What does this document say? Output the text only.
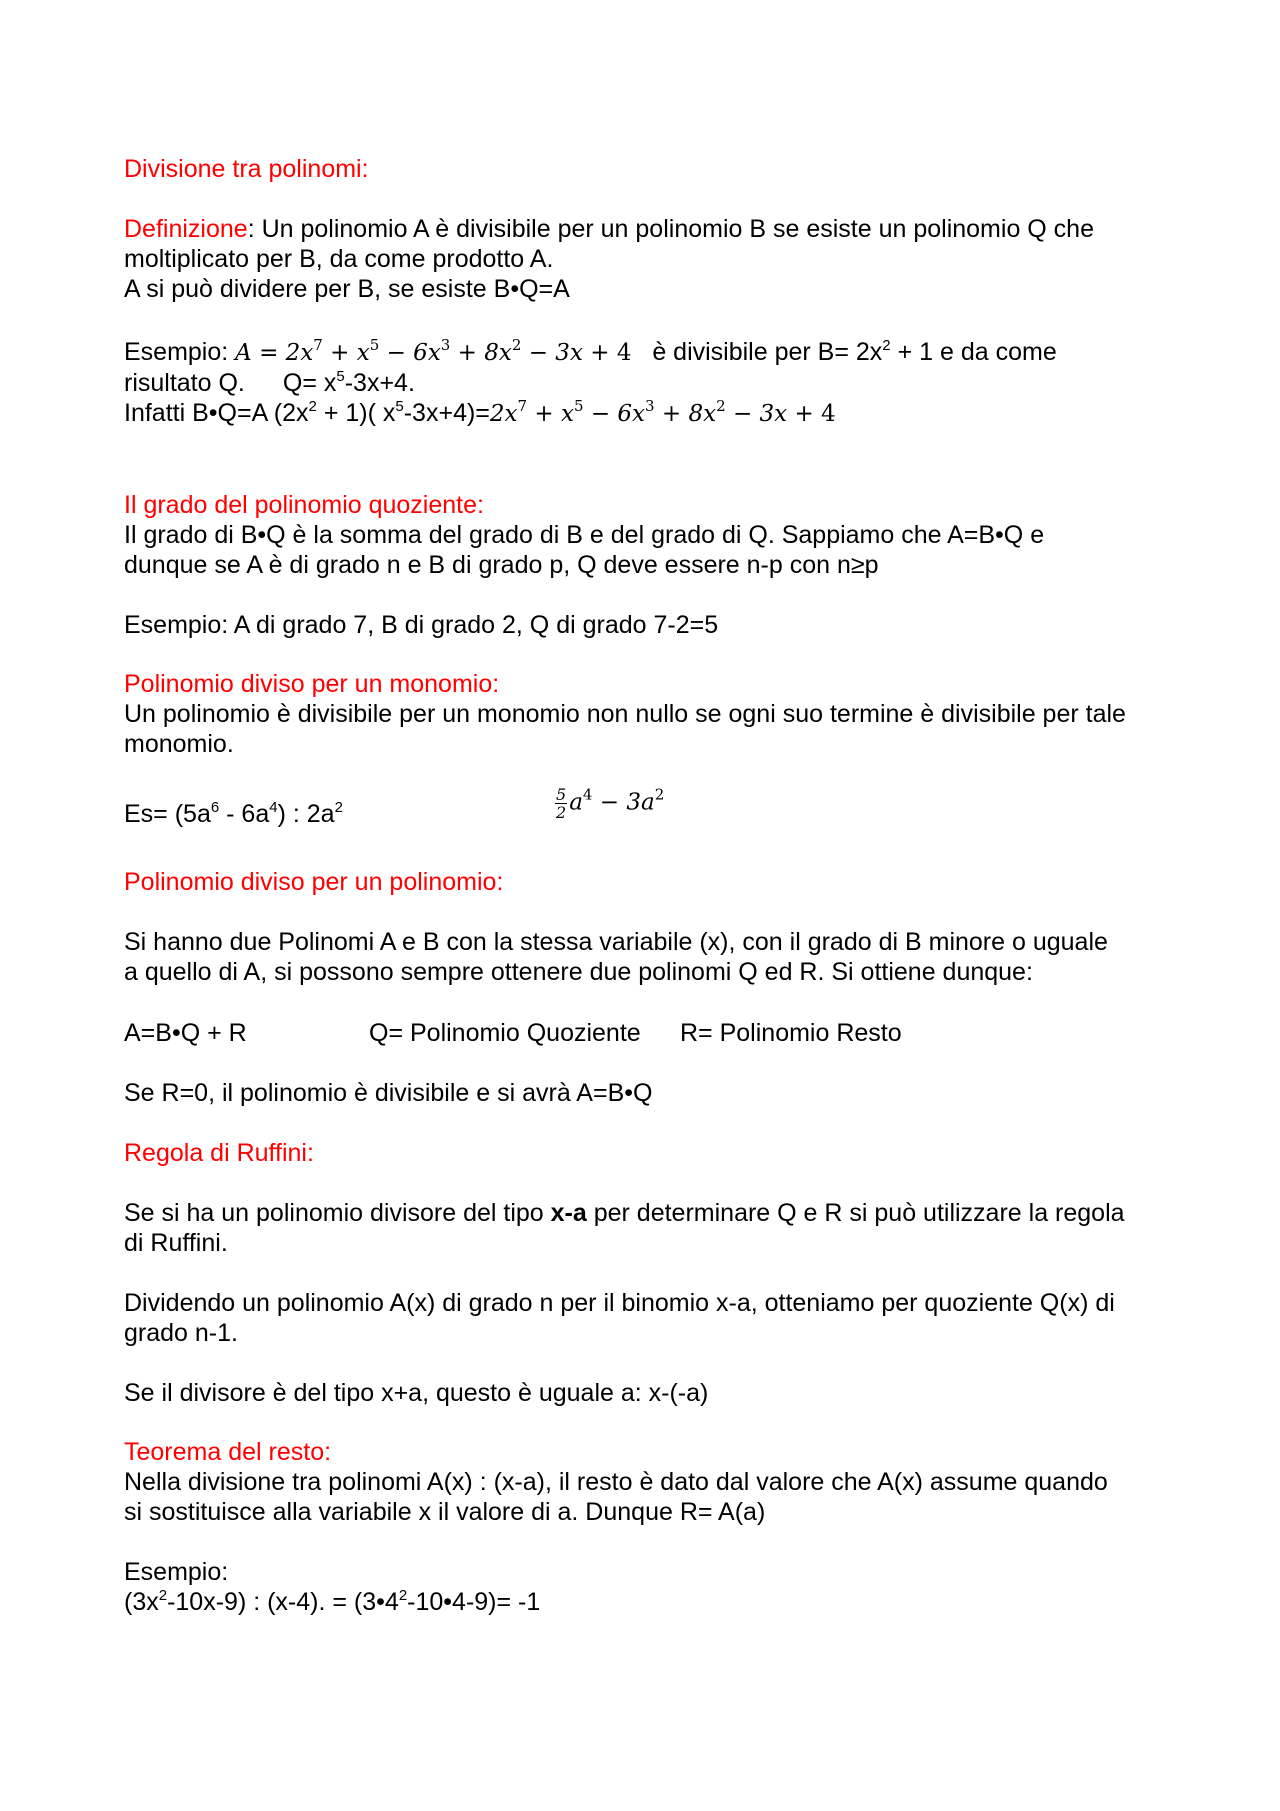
Divisione tra polinomi:
Definizione: Un polinomio A è divisibile per un polinomio B se esiste un polinomio Q che
moltiplicato per B, da come prodotto A.
A si può dividere per B, se esiste B•Q=A
Esempio: $A = 2x^7 + x^5 - 6x^3 + 8x^2 - 3x + 4$ è divisibile per $B= 2x^2 + 1$ e da come
risultato Q. $Q= x^5-3x+4$.
Infatti B•Q=A $(2x^2 + 1)$( $x^5-3x+4)=2x^7 + x^5 - 6x^3 + 8x^2 - 3x + 4$
Il grado del polinomio quoziente:
Il grado di B•Q è la somma del grado di B e del grado di Q. Sappiamo che A=B•Q e
dunque se A è di grado n e B di grado p, Q deve essere n-p con n≥p
Esempio: A di grado 7, B di grado 2, Q di grado 7-2=5
Polinomio diviso per un monomio:
Un polinomio è divisibile per un monomio non nullo se ogni suo termine è divisibile per tale
monomio.
$Es= (5a^6 - 6a^4)$ : $2a^2$	$\frac{5}{2} a^4 - 3a^2$
Polinomio diviso per un polinomio:
Si hanno due Polinomi A e B con la stessa variabile (x), con il grado di B minore o uguale
a quello di A, si possono sempre ottenere due polinomi Q ed R. Si ottiene dunque:
A=B•Q + R	Q= Polinomio Quoziente R= Polinomio Resto
Se R=0, il polinomio è divisibile e si avrà A=B•Q
Regola di Ruffini:
Se si ha un polinomio divisore del tipo x-a per determinare Q e R si può utilizzare la regola
di Ruffini.
Dividendo un polinomio A(x) di grado n per il binomio x-a, otteniamo per quoziente Q(x) di
grado n-1.
Se il divisore è del tipo x+a, questo è uguale a: x-(-a)
Teorema del resto:
Nella divisione tra polinomi A(x) : (x-a), il resto è dato dal valore che A(x) assume quando
si sostituisce alla variabile x il valore di a. Dunque R= A(a)
Esempio:
$(3x^2-10x-9)$ : (x-4). = $(3•4^2-10•4-9)= -1$
